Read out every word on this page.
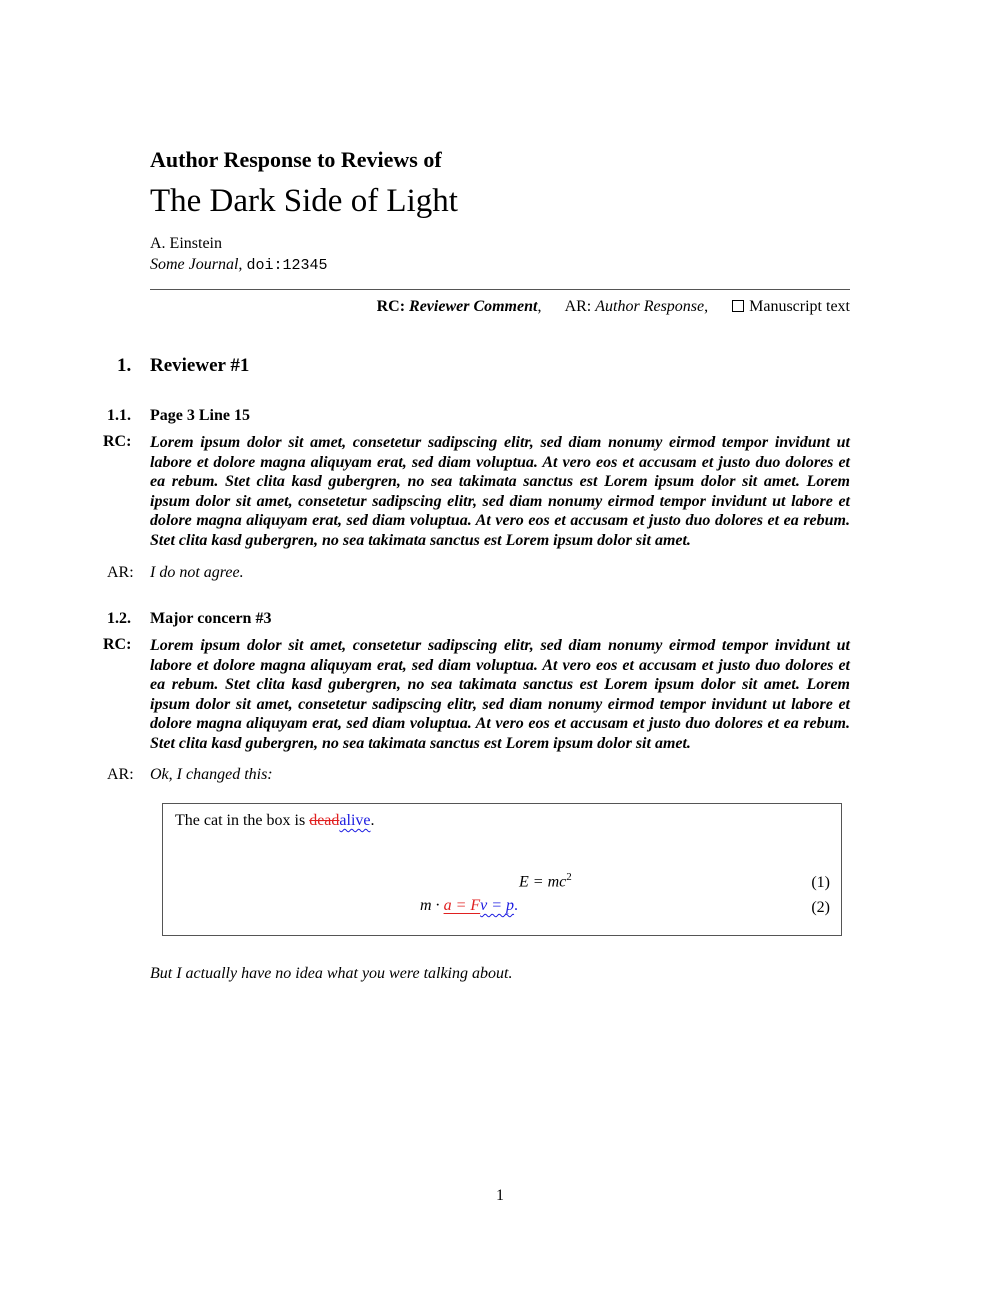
Author Response to Reviews of
The Dark Side of Light
A. Einstein
Some Journal, doi:12345
RC: Reviewer Comment, AR: Author Response,	Manuscript text
1. Reviewer #1
1.1. Page 3 Line 15
RC: Lorem ipsum dolor sit amet, consetetur sadipscing elitr, sed diam nonumy eirmod tempor invidunt ut labore et dolore magna aliquyam erat, sed diam voluptua. At vero eos et accusam et justo duo dolores et ea rebum. Stet clita kasd gubergren, no sea takimata sanctus est Lorem ipsum dolor sit amet. Lorem ipsum dolor sit amet, consetetur sadipscing elitr, sed diam nonumy eirmod tempor invidunt ut labore et dolore magna aliquyam erat, sed diam voluptua. At vero eos et accusam et justo duo dolores et ea rebum. Stet clita kasd gubergren, no sea takimata sanctus est Lorem ipsum dolor sit amet.
AR: I do not agree.
1.2. Major concern #3
RC: Lorem ipsum dolor sit amet, consetetur sadipscing elitr, sed diam nonumy eirmod tempor invidunt ut labore et dolore magna aliquyam erat, sed diam voluptua. At vero eos et accusam et justo duo dolores et ea rebum. Stet clita kasd gubergren, no sea takimata sanctus est Lorem ipsum dolor sit amet. Lorem ipsum dolor sit amet, consetetur sadipscing elitr, sed diam nonumy eirmod tempor invidunt ut labore et dolore magna aliquyam erat, sed diam voluptua. At vero eos et accusam et justo duo dolores et ea rebum. Stet clita kasd gubergren, no sea takimata sanctus est Lorem ipsum dolor sit amet.
AR: Ok, I changed this:
The cat in the box is deadalive.
$E = mc^2$	(1)
m · a = Fv = p.	(2)
But I actually have no idea what you were talking about.
1
